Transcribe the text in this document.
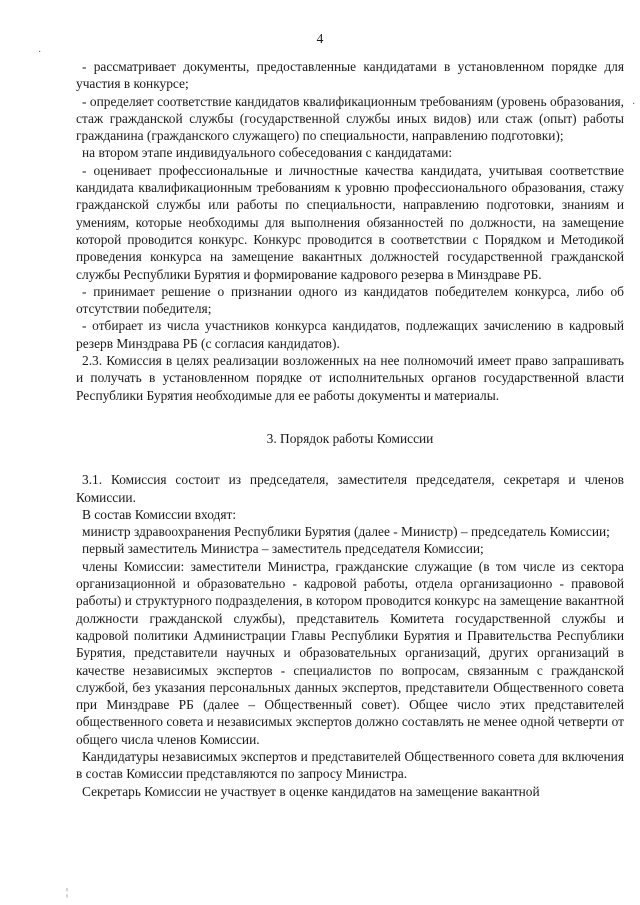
4

- рассматривает документы, предоставленные кандидатами в установленном порядке для участия в конкурсе;

- определяет соответствие кандидатов квалификационным требованиям (уровень образования, стаж гражданской службы (государственной службы иных видов) или стаж (опыт) работы гражданина (гражданского служащего) по специальности, направлению подготовки);

на втором этапе индивидуального собеседования с кандидатами:

- оценивает профессиональные и личностные качества кандидата, учитывая соответствие кандидата квалификационным требованиям к уровню профессионального образования, стажу гражданской службы или работы по специальности, направлению подготовки, знаниям и умениям, которые необходимы для выполнения обязанностей по должности, на замещение которой проводится конкурс. Конкурс проводится в соответствии с Порядком и Методикой проведения конкурса на замещение вакантных должностей государственной гражданской службы Республики Бурятия и формирование кадрового резерва в Минздраве РБ.

- принимает решение о признании одного из кандидатов победителем конкурса, либо об отсутствии победителя;

- отбирает из числа участников конкурса кандидатов, подлежащих зачислению в кадровый резерв Минздрава РБ (с согласия кандидатов).

2.3. Комиссия в целях реализации возложенных на нее полномочий имеет право запрашивать и получать в установленном порядке от исполнительных органов государственной власти Республики Бурятия необходимые для ее работы документы и материалы.

3. Порядок работы Комиссии

3.1. Комиссия состоит из председателя, заместителя председателя, секретаря и членов Комиссии.

В состав Комиссии входят:

министр здравоохранения Республики Бурятия (далее - Министр) – председатель Комиссии;

первый заместитель Министра – заместитель председателя Комиссии;

члены Комиссии: заместители Министра, гражданские служащие (в том числе из сектора организационной и образовательно - кадровой работы, отдела организационно - правовой работы) и структурного подразделения, в котором проводится конкурс на замещение вакантной должности гражданской службы), представитель Комитета государственной службы и кадровой политики Администрации Главы Республики Бурятия и Правительства Республики Бурятия, представители научных и образовательных организаций, других организаций в качестве независимых экспертов - специалистов по вопросам, связанным с гражданской службой, без указания персональных данных экспертов, представители Общественного совета при Минздраве РБ (далее – Общественный совет). Общее число этих представителей общественного совета и независимых экспертов должно составлять не менее одной четверти от общего числа членов Комиссии.

Кандидатуры независимых экспертов и представителей Общественного совета для включения в состав Комиссии представляются по запросу Министра.

Секретарь Комиссии не участвует в оценке кандидатов на замещение вакантной

·
·
¦
